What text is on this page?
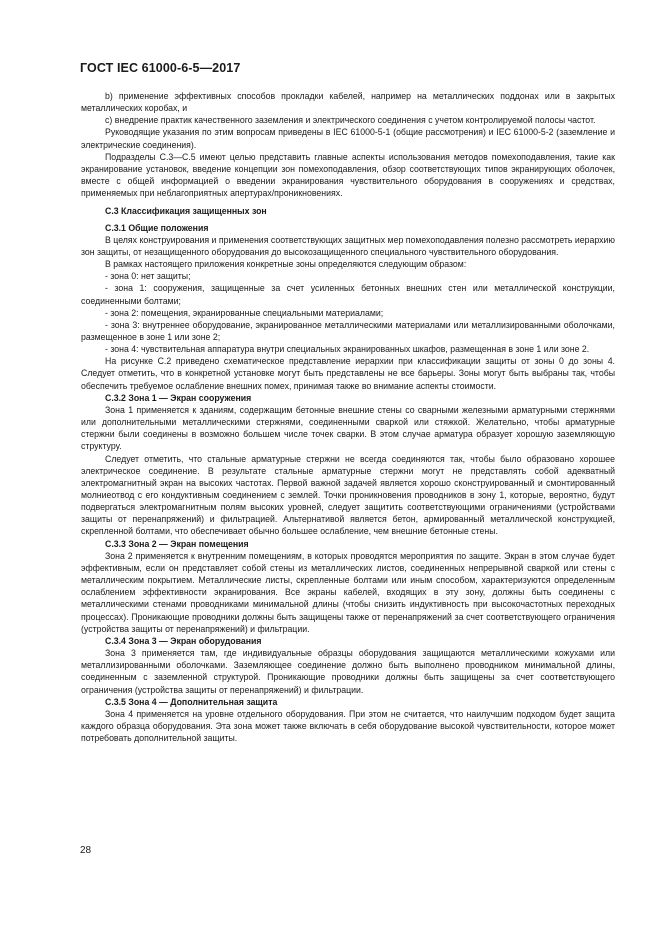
ГОСТ IEC 61000-6-5—2017

b) применение эффективных способов прокладки кабелей, например на металлических поддонах или в закрытых металлических коробах, и

c) внедрение практик качественного заземления и электрического соединения с учетом контролируемой полосы частот.

Руководящие указания по этим вопросам приведены в IEC 61000-5-1 (общие рассмотрения) и IEC 61000-5-2 (заземление и электрические соединения).

Подразделы С.3—С.5 имеют целью представить главные аспекты использования методов помехоподавления, такие как экранирование установок, введение концепции зон помехоподавления, обзор соответствующих типов экранирующих оболочек, вместе с общей информацией о введении экранирования чувствительного оборудования в сооружениях и средствах, применяемых при неблагоприятных апертурах/проникновениях.

С.3 Классификация защищенных зон

С.3.1 Общие положения

В целях конструирования и применения соответствующих защитных мер помехоподавления полезно рассмотреть иерархию зон защиты, от незащищенного оборудования до высокозащищенного специального чувствительного оборудования.

В рамках настоящего приложения конкретные зоны определяются следующим образом:

- зона 0: нет защиты;

- зона 1: сооружения, защищенные за счет усиленных бетонных внешних стен или металлической конструкции, соединенными болтами;

- зона 2: помещения, экранированные специальными материалами;

- зона 3: внутреннее оборудование, экранированное металлическими материалами или металлизированными оболочками, размещенное в зоне 1 или зоне 2;

- зона 4: чувствительная аппаратура внутри специальных экранированных шкафов, размещенная в зоне 1 или зоне 2.

На рисунке С.2 приведено схематическое представление иерархии при классификации защиты от зоны 0 до зоны 4. Следует отметить, что в конкретной установке могут быть представлены не все барьеры. Зоны могут быть выбраны так, чтобы обеспечить требуемое ослабление внешних помех, принимая также во внимание аспекты стоимости.

С.3.2 Зона 1 — Экран сооружения

Зона 1 применяется к зданиям, содержащим бетонные внешние стены со сварными железными арматурными стержнями или дополнительными металлическими стержнями, соединенными сваркой или стяжкой. Желательно, чтобы арматурные стержни были соединены в возможно большем числе точек сварки. В этом случае арматура образует хорошую заземляющую структуру.

Следует отметить, что стальные арматурные стержни не всегда соединяются так, чтобы было образовано хорошее электрическое соединение. В результате стальные арматурные стержни могут не представлять собой адекватный электромагнитный экран на высоких частотах. Первой важной задачей является хорошо сконструированный и смонтированный молниеотвод с его кондуктивным соединением с землей. Точки проникновения проводников в зону 1, которые, вероятно, будут подвергаться электромагнитным полям высоких уровней, следует защитить соответствующими ограничениями (устройствами защиты от перенапряжений) и фильтрацией. Альтернативой является бетон, армированный металлической конструкцией, скрепленной болтами, что обеспечивает обычно большее ослабление, чем внешние бетонные стены.

С.3.3 Зона 2 — Экран помещения

Зона 2 применяется к внутренним помещениям, в которых проводятся мероприятия по защите. Экран в этом случае будет эффективным, если он представляет собой стены из металлических листов, соединенных непрерывной сваркой или стены с металлическим покрытием. Металлические листы, скрепленные болтами или иным способом, характеризуются определенным ослаблением эффективности экранирования. Все экраны кабелей, входящих в эту зону, должны быть соединены с металлическими стенами проводниками минимальной длины (чтобы снизить индуктивность при высокочастотных переходных процессах). Проникающие проводники должны быть защищены также от перенапряжений за счет соответствующего ограничения (устройства защиты от перенапряжений) и фильтрации.

С.3.4 Зона 3 — Экран оборудования

Зона 3 применяется там, где индивидуальные образцы оборудования защищаются металлическими кожухами или металлизированными оболочками. Заземляющее соединение должно быть выполнено проводником минимальной длины, соединенным с заземленной структурой. Проникающие проводники должны быть защищены за счет соответствующего ограничения (устройства защиты от перенапряжений) и фильтрации.

С.3.5 Зона 4 — Дополнительная защита

Зона 4 применяется на уровне отдельного оборудования. При этом не считается, что наилучшим подходом будет защита каждого образца оборудования. Эта зона может также включать в себя оборудование высокой чувствительности, которое может потребовать дополнительной защиты.

28
